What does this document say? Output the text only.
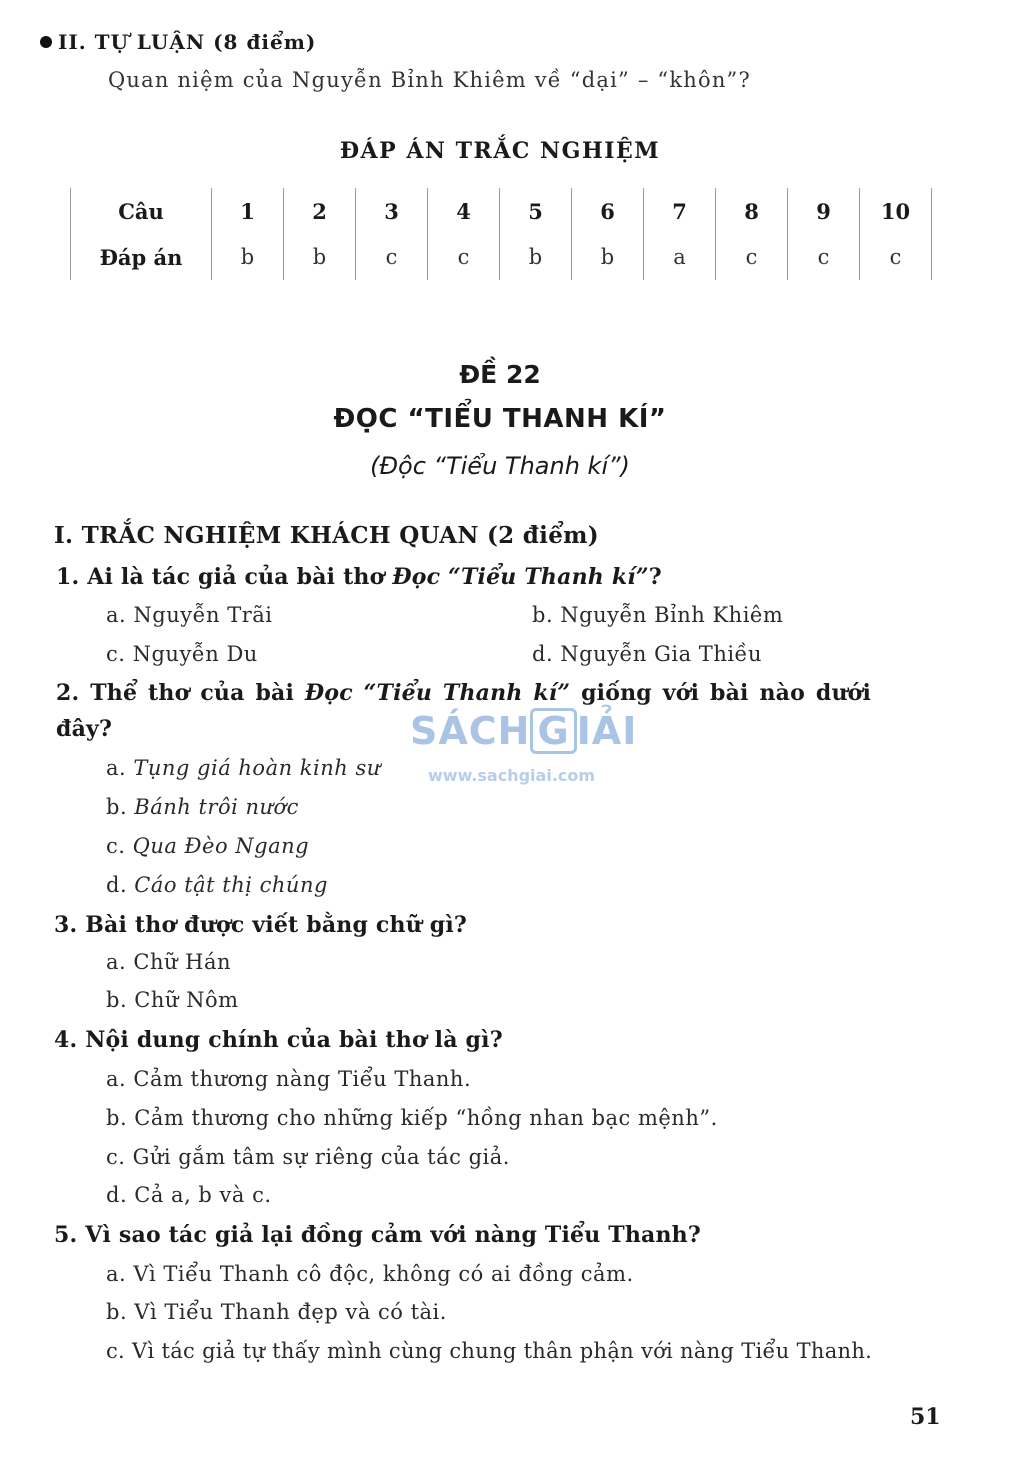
II. TỰ LUẬN (8 điểm)
Quan niệm của Nguyễn Bỉnh Khiêm về “dại” – “khôn”?
ĐÁP ÁN TRẮC NGHIỆM
Câu	1	2	3	4	5	6	7	8	9	10
Đáp án	b	b	c	c	b	b	a	c	c	c
ĐỀ 22
ĐỌC “TIỂU THANH KÍ”
(Độc “Tiểu Thanh kí”)
I. TRẮC NGHIỆM KHÁCH QUAN (2 điểm)
1. Ai là tác giả của bài thơ Đọc “Tiểu Thanh kí”?
a. Nguyễn Trãi	b. Nguyễn Bỉnh Khiêm
c. Nguyễn Du	d. Nguyễn Gia Thiều
2. Thể thơ của bài Đọc “Tiểu Thanh kí” giống với bài nào dưới
đây?
a. Tụng giá hoàn kinh sư
b. Bánh trôi nước
c. Qua Đèo Ngang
d. Cáo tật thị chúng
SÁCH G IẢI
www.sachgiai.com
3. Bài thơ được viết bằng chữ gì?
a. Chữ Hán
b. Chữ Nôm
4. Nội dung chính của bài thơ là gì?
a. Cảm thương nàng Tiểu Thanh.
b. Cảm thương cho những kiếp “hồng nhan bạc mệnh”.
c. Gửi gắm tâm sự riêng của tác giả.
d. Cả a, b và c.
5. Vì sao tác giả lại đồng cảm với nàng Tiểu Thanh?
a. Vì Tiểu Thanh cô độc, không có ai đồng cảm.
b. Vì Tiểu Thanh đẹp và có tài.
c. Vì tác giả tự thấy mình cùng chung thân phận với nàng Tiểu Thanh.
51
